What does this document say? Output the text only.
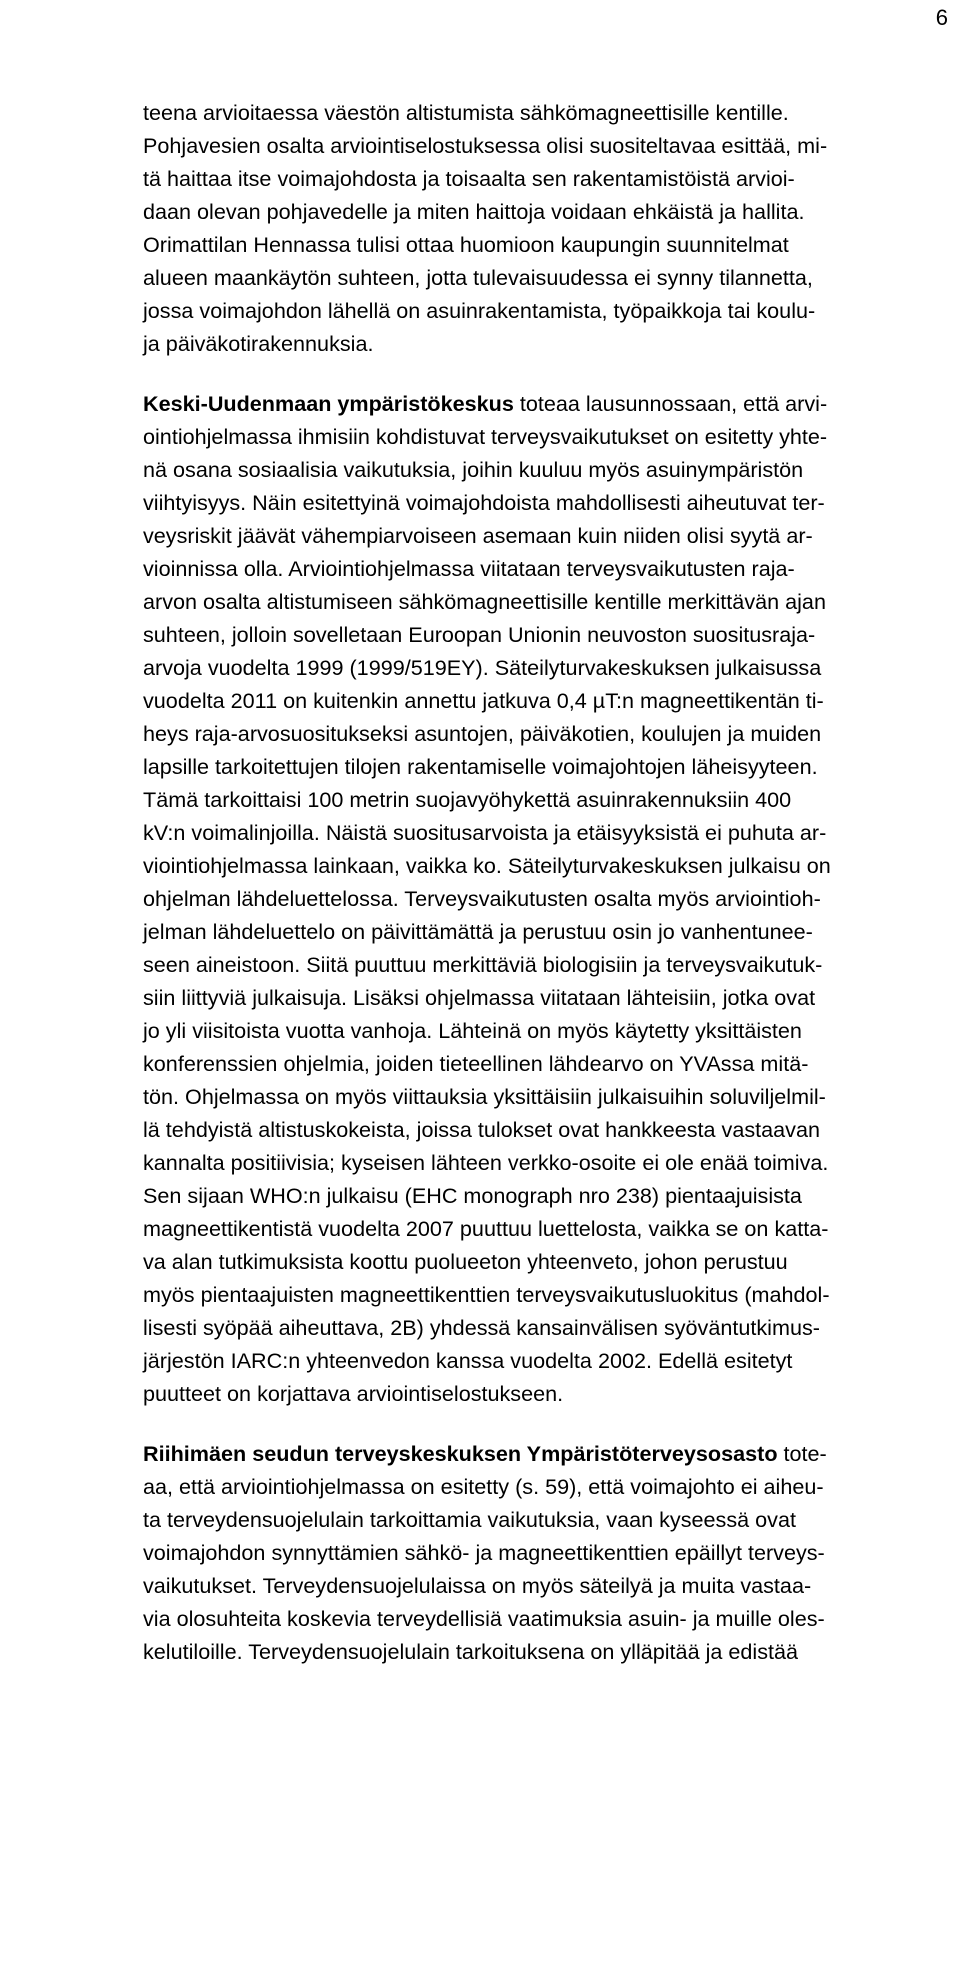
6
teena arvioitaessa väestön altistumista sähkömagneettisille kentille.
Pohjavesien osalta arviointiselostuksessa olisi suositeltavaa esittää, mi-
tä haittaa itse voimajohdosta ja toisaalta sen rakentamistöistä arvioi-
daan olevan pohjavedelle ja miten haittoja voidaan ehkäistä ja hallita.
Orimattilan Hennassa tulisi ottaa huomioon kaupungin suunnitelmat
alueen maankäytön suhteen, jotta tulevaisuudessa ei synny tilannetta,
jossa voimajohdon lähellä on asuinrakentamista, työpaikkoja tai koulu-
ja päiväkotirakennuksia.
Keski-Uudenmaan ympäristökeskus toteaa lausunnossaan, että arvi-
ointiohjelmassa ihmisiin kohdistuvat terveysvaikutukset on esitetty yhte-
nä osana sosiaalisia vaikutuksia, joihin kuuluu myös asuinympäristön
viihtyisyys. Näin esitettyinä voimajohdoista mahdollisesti aiheutuvat ter-
veysriskit jäävät vähempiarvoiseen asemaan kuin niiden olisi syytä ar-
vioinnissa olla. Arviointiohjelmassa viitataan terveysvaikutusten raja-
arvon osalta altistumiseen sähkömagneettisille kentille merkittävän ajan
suhteen, jolloin sovelletaan Euroopan Unionin neuvoston suositusraja-
arvoja vuodelta 1999 (1999/519EY). Säteilyturvakeskuksen julkaisussa
vuodelta 2011 on kuitenkin annettu jatkuva 0,4 µT:n magneettikentän ti-
heys raja-arvosuositukseksi asuntojen, päiväkotien, koulujen ja muiden
lapsille tarkoitettujen tilojen rakentamiselle voimajohtojen läheisyyteen.
Tämä tarkoittaisi 100 metrin suojavyöhykettä asuinrakennuksiin 400
kV:n voimalinjoilla. Näistä suositusarvoista ja etäisyyksistä ei puhuta ar-
viointiohjelmassa lainkaan, vaikka ko. Säteilyturvakeskuksen julkaisu on
ohjelman lähdeluettelossa. Terveysvaikutusten osalta myös arviointioh-
jelman lähdeluettelo on päivittämättä ja perustuu osin jo vanhentunee-
seen aineistoon. Siitä puuttuu merkittäviä biologisiin ja terveysvaikutuk-
siin liittyviä julkaisuja. Lisäksi ohjelmassa viitataan lähteisiin, jotka ovat
jo yli viisitoista vuotta vanhoja. Lähteinä on myös käytetty yksittäisten
konferenssien ohjelmia, joiden tieteellinen lähdearvo on YVAssa mitä-
tön. Ohjelmassa on myös viittauksia yksittäisiin julkaisuihin soluviljelmil-
lä tehdyistä altistuskokeista, joissa tulokset ovat hankkeesta vastaavan
kannalta positiivisia; kyseisen lähteen verkko-osoite ei ole enää toimiva.
Sen sijaan WHO:n julkaisu (EHC monograph nro 238) pientaajuisista
magneettikentistä vuodelta 2007 puuttuu luettelosta, vaikka se on katta-
va alan tutkimuksista koottu puolueeton yhteenveto, johon perustuu
myös pientaajuisten magneettikenttien terveysvaikutusluokitus (mahdol-
lisesti syöpää aiheuttava, 2B) yhdessä kansainvälisen syöväntutkimus-
järjestön IARC:n yhteenvedon kanssa vuodelta 2002. Edellä esitetyt
puutteet on korjattava arviointiselostukseen.
Riihimäen seudun terveyskeskuksen Ympäristöterveysosasto tote-
aa, että arviointiohjelmassa on esitetty (s. 59), että voimajohto ei aiheu-
ta terveydensuojelulain tarkoittamia vaikutuksia, vaan kyseessä ovat
voimajohdon synnyttämien sähkö- ja magneettikenttien epäillyt terveys-
vaikutukset. Terveydensuojelulaissa on myös säteilyä ja muita vastaa-
via olosuhteita koskevia terveydellisiä vaatimuksia asuin- ja muille oles-
kelutiloille. Terveydensuojelulain tarkoituksena on ylläpitää ja edistää
